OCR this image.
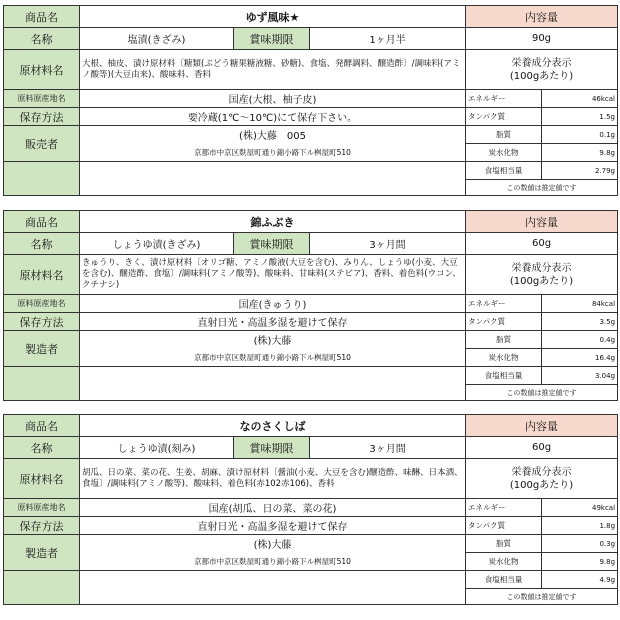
商品名	ゆず風味★			内容量	
名称	塩漬(きざみ)	賞味期限	1ヶ月半	90g	
原材料名	大根、柚皮、漬け原材料〔糖類(ぶどう糖果糖液糖、砂糖)、食塩、発酵調料、醸造酢〕/調味料(アミノ酸等)(大豆由来)、酸味料、香料			栄養成分表示
(100gあたり)	

原料原産地名	国産(大根、柚子皮)			エネルギー	46kcal
保存方法	要冷蔵(1℃〜10℃)にて保存下さい。			タンパク質	1.5g
販売者	(株)大藤　005			脂質	0.1g
	京都市中京区麩屋町通り錦小路下ル桝屋町510			炭水化物	9.8g
				食塩相当量	2.79g
				この数値は推定値です	
商品名	錦ふぶき			内容量	
名称	しょうゆ漬(きざみ)	賞味期限	3ヶ月間	60g	
原材料名	きゅうり、きく、漬け原材料〔オリゴ糖、アミノ酸液(大豆を含む)、みりん、しょうゆ(小麦、大豆を含む)、醸造酢、食塩〕/調味料(アミノ酸等)、酸味料、甘味料(ステビア)、香料、着色料(ウコン、クチナシ)			栄養成分表示
(100gあたり)	

原料原産地名	国産(きゅうり)			エネルギー	84kcal
保存方法	直射日光・高温多湿を避けて保存			タンパク質	3.5g
製造者	(株)大藤			脂質	0.4g
	京都市中京区麩屋町通り錦小路下ル桝屋町510			炭水化物	16.4g
				食塩相当量	3.04g
				この数値は推定値です	
商品名	なのさくしば			内容量	
名称	しょうゆ漬(刻み)	賞味期限	3ヶ月間	60g	
原材料名	胡瓜、日の菜、菜の花、生姜、胡麻、漬け原材料〔醤油(小麦、大豆を含む)醸造酢、味醂、日本酒、食塩〕/調味料(アミノ酸等)、酸味料、着色料(赤102赤106)、香料			栄養成分表示
(100gあたり)	

原料原産地名	国産(胡瓜、日の菜、菜の花)			エネルギー	49kcal
保存方法	直射日光・高温多湿を避けて保存			タンパク質	1.8g
製造者	(株)大藤			脂質	0.3g
	京都市中京区麩屋町通り錦小路下ル桝屋町510			炭水化物	9.8g
				食塩相当量	4.9g
				この数値は推定値です	
